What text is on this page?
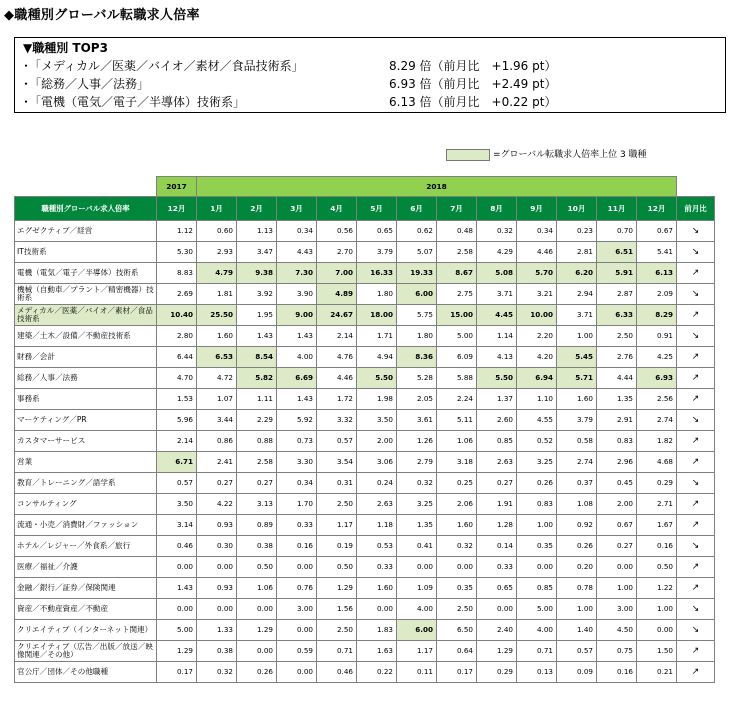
◆職種別グローバル転職求人倍率
▼職種別 TOP3
･「メディカル／医薬／バイオ／素材／食品技術系」	8.29 倍（前月比　+1.96 pt）
･「総務／人事／法務」	6.93 倍（前月比　+2.49 pt）
･「電機（電気／電子／半導体）技術系」	6.13 倍（前月比　+0.22 pt）
=グローバル転職求人倍率上位 3 職種
	2017	2018												
職種別グローバル求人倍率	12月	1月	2月	3月	4月	5月	6月	7月	8月	9月	10月	11月	12月	前月比
エグゼクティブ／経営	1.12	0.60	1.13	0.34	0.56	0.65	0.62	0.48	0.32	0.34	0.23	0.70	0.67	↘
IT技術系	5.30	2.93	3.47	4.43	2.70	3.79	5.07	2.58	4.29	4.46	2.81	6.51	5.41	↘
電機（電気／電子／半導体）技術系	8.83	4.79	9.38	7.30	7.00	16.33	19.33	8.67	5.08	5.70	6.20	5.91	6.13	↗
機械（自動車／プラント／精密機器）技術系	2.69	1.81	3.92	3.90	4.89	1.80	6.00	2.75	3.71	3.21	2.94	2.87	2.09	↘
メディカル／医薬／バイオ／素材／食品技術系	10.40	25.50	1.95	9.00	24.67	18.00	5.75	15.00	4.45	10.00	3.71	6.33	8.29	↗
建築／土木／設備／不動産技術系	2.80	1.60	1.43	1.43	2.14	1.71	1.80	5.00	1.14	2.20	1.00	2.50	0.91	↘
財務／会計	6.44	6.53	8.54	4.00	4.76	4.94	8.36	6.09	4.13	4.20	5.45	2.76	4.25	↗
総務／人事／法務	4.70	4.72	5.82	6.69	4.46	5.50	5.28	5.88	5.50	6.94	5.71	4.44	6.93	↗
事務系	1.53	1.07	1.11	1.43	1.72	1.98	2.05	2.24	1.37	1.10	1.60	1.35	2.56	↗
マーケティング／PR	5.96	3.44	2.29	5.92	3.32	3.50	3.61	5.11	2.60	4.55	3.79	2.91	2.74	↘
カスタマーサービス	2.14	0.86	0.88	0.73	0.57	2.00	1.26	1.06	0.85	0.52	0.58	0.83	1.82	↗
営業	6.71	2.41	2.58	3.30	3.54	3.06	2.79	3.18	2.63	3.25	2.74	2.96	4.68	↗
教育／トレーニング／語学系	0.57	0.27	0.27	0.34	0.31	0.24	0.32	0.25	0.27	0.26	0.37	0.45	0.29	↘
コンサルティング	3.50	4.22	3.13	1.70	2.50	2.63	3.25	2.06	1.91	0.83	1.08	2.00	2.71	↗
流通・小売／消費財／ファッション	3.14	0.93	0.89	0.33	1.17	1.18	1.35	1.60	1.28	1.00	0.92	0.67	1.67	↗
ホテル／レジャー／外食系／旅行	0.46	0.30	0.38	0.16	0.19	0.53	0.41	0.32	0.14	0.35	0.26	0.27	0.16	↘
医療／福祉／介護	0.00	0.00	0.50	0.00	0.50	0.33	0.00	0.00	0.33	0.00	0.20	0.00	0.50	↗
金融／銀行／証券／保険関連	1.43	0.93	1.06	0.76	1.29	1.60	1.09	0.35	0.65	0.85	0.78	1.00	1.22	↗
資産／不動産資産／不動産	0.00	0.00	0.00	3.00	1.56	0.00	4.00	2.50	0.00	5.00	1.00	3.00	1.00	↘
クリエイティブ（インターネット関連）	5.00	1.33	1.29	0.00	2.50	1.83	6.00	6.50	2.40	4.00	1.40	4.50	0.00	↘
クリエイティブ（広告／出版／放送／映像関連／その他）	1.29	0.38	0.00	0.59	0.71	1.63	1.17	0.64	1.29	0.71	0.57	0.75	1.50	↗
官公庁／団体／その他職種	0.17	0.32	0.26	0.00	0.46	0.22	0.11	0.17	0.29	0.13	0.09	0.16	0.21	↗
